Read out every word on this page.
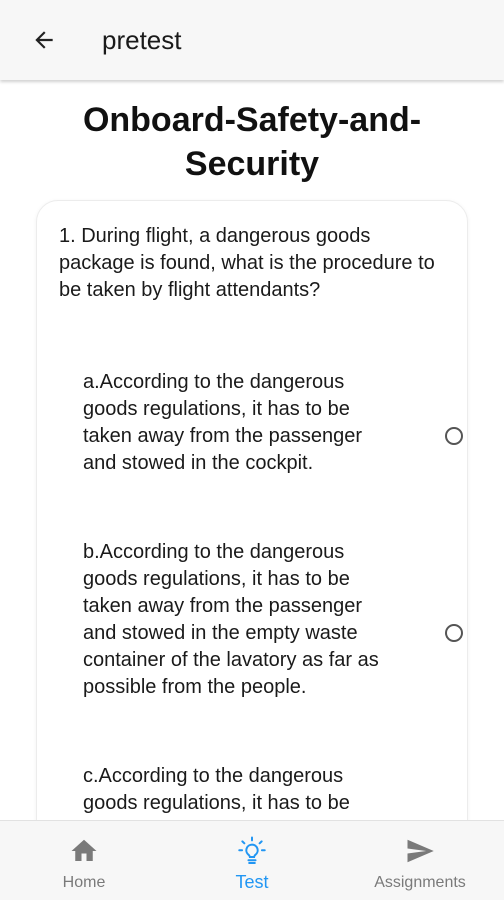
pretest
Onboard-Safety-and-Security
1. During flight, a dangerous goods package is found, what is the procedure to be taken by flight attendants?
a.According to the dangerous goods regulations, it has to be taken away from the passenger and stowed in the cockpit.
b.According to the dangerous goods regulations, it has to be taken away from the passenger and stowed in the empty waste container of the lavatory as far as possible from the people.
c.According to the dangerous goods regulations, it has to be
Home	Test	Assignments
